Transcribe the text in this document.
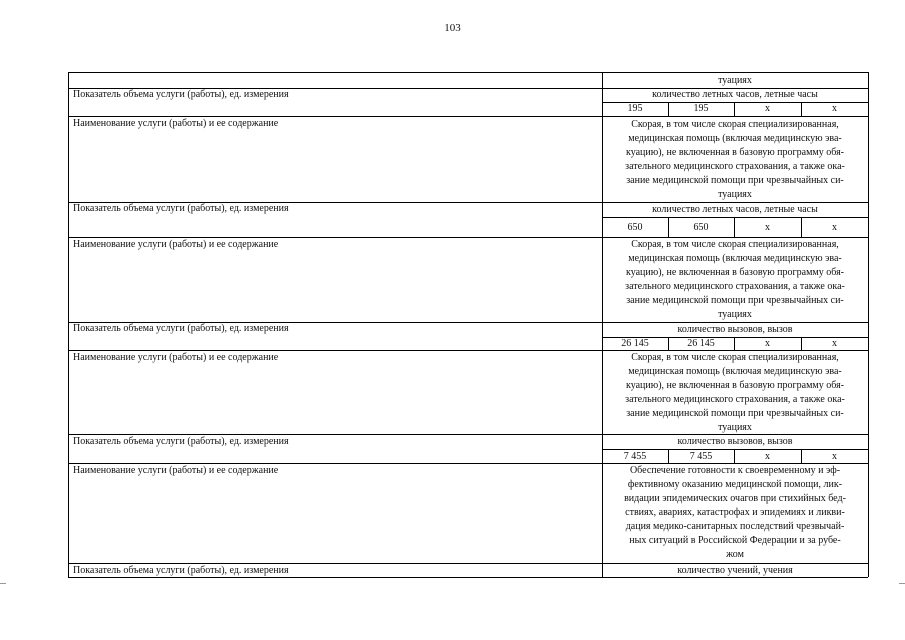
103
туациях
Показатель объема услуги (работы), ед. измерения	количество летных часов, летные часы
195	195	x	x
Наименование услуги (работы) и ее содержание	Скорая, в том числе скорая специализированная,
медицинская помощь (включая медицинскую эва-
куацию), не включенная в базовую программу обя-
зательного медицинского страхования, а также ока-
зание медицинской помощи при чрезвычайных си-
туациях
Показатель объема услуги (работы), ед. измерения	количество летных часов, летные часы
650	650	x	x
Наименование услуги (работы) и ее содержание	Скорая, в том числе скорая специализированная,
медицинская помощь (включая медицинскую эва-
куацию), не включенная в базовую программу обя-
зательного медицинского страхования, а также ока-
зание медицинской помощи при чрезвычайных си-
туациях
Показатель объема услуги (работы), ед. измерения	количество вызовов, вызов
26 145	26 145	x	x
Наименование услуги (работы) и ее содержание	Скорая, в том числе скорая специализированная,
медицинская помощь (включая медицинскую эва-
куацию), не включенная в базовую программу обя-
зательного медицинского страхования, а также ока-
зание медицинской помощи при чрезвычайных си-
туациях
Показатель объема услуги (работы), ед. измерения	количество вызовов, вызов
7 455	7 455	x	x
Наименование услуги (работы) и ее содержание	Обеспечение готовности к своевременному и эф-
фективному оказанию медицинской помощи, лик-
видации эпидемических очагов при стихийных бед-
ствиях, авариях, катастрофах и эпидемиях и ликви-
дация медико-санитарных последствий чрезвычай-
ных ситуаций в Российской Федерации и за рубе-
жом
Показатель объема услуги (работы), ед. измерения	количество учений, учения
